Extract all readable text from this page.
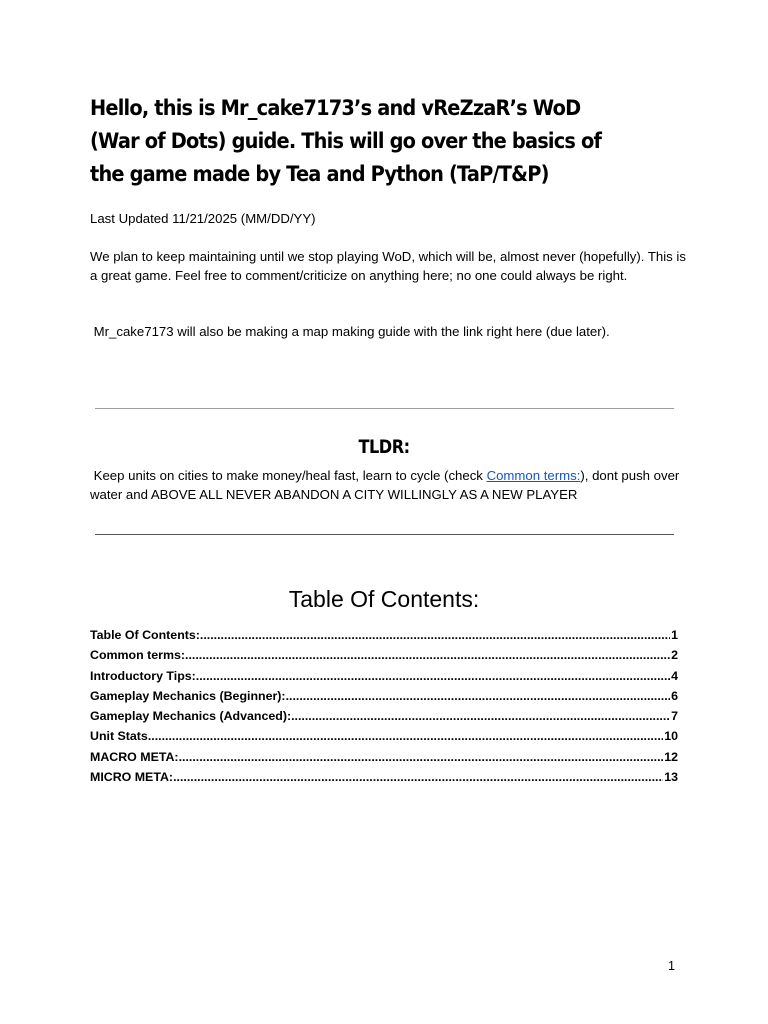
Hello, this is Mr_cake7173’s and vReZzaR’s WoD (War of Dots) guide. This will go over the basics of the game made by Tea and Python (TaP/T&P)

Last Updated 11/21/2025 (MM/DD/YY)

We plan to keep maintaining until we stop playing WoD, which will be, almost never (hopefully). This is a great game. Feel free to comment/criticize on anything here; no one could always be right.

Mr_cake7173 will also be making a map making guide with the link right here (due later).

TLDR:

Keep units on cities to make money/heal fast, learn to cycle (check Common terms:), dont push over water and ABOVE ALL NEVER ABANDON A CITY WILLINGLY AS A NEW PLAYER

Table Of Contents:
Table Of Contents: .....	1
Common terms: .....	2
Introductory Tips: .....	4
Gameplay Mechanics (Beginner): .....	6
Gameplay Mechanics (Advanced): .....	7
Unit Stats .....	10
MACRO META: .....	12
MICRO META: .....	13
1
